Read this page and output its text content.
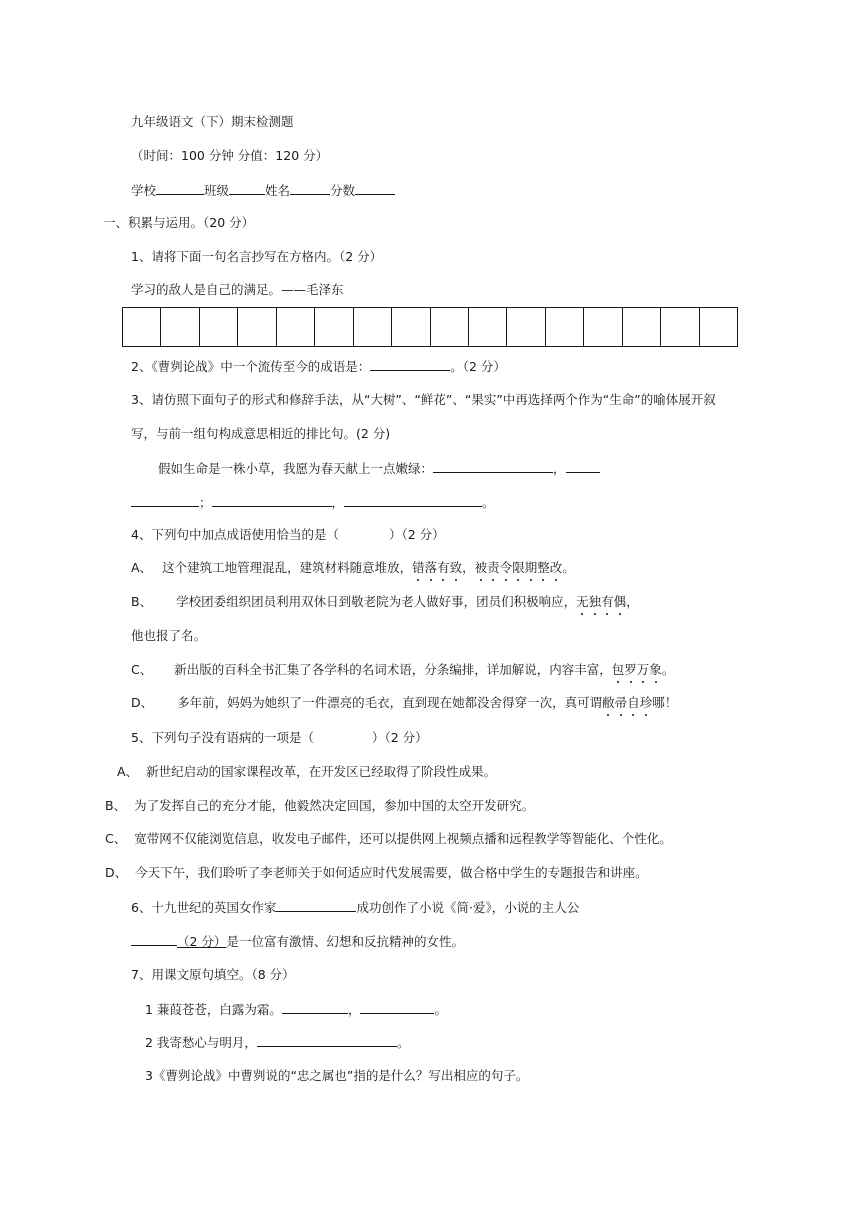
九年级语文（下）期末检测题
（时间：100 分钟 分值：120 分）
学校	班级	姓名	分数
一、积累与运用。（20 分）
1、请将下面一句名言抄写在方格内。（2 分）
学习的敌人是自己的满足。——毛泽东
2、《曹刿论战》中一个流传至今的成语是：	。（2 分）
3、请仿照下面句子的形式和修辞手法，从“大树”、“鲜花”、“果实”中再选择两个作为“生命”的喻体展开叙
写，与前一组句构成意思相近的排比句。(2 分)
假如生命是一株小草，我愿为春天献上一点嫩绿：	，
；	，	。
4、下列句中加点成语使用恰当的是（	）（2 分）
A、 这个建筑工地管理混乱，建筑材料随意堆放，错落有致，被责令限期整改。
B、 学校团委组织团员利用双休日到敬老院为老人做好事，团员们积极响应，无独有偶，
他也报了名。
C、 新出版的百科全书汇集了各学科的名词术语，分条编排，详加解说，内容丰富，包罗万象。
D、 多年前，妈妈为她织了一件漂亮的毛衣，直到现在她都没舍得穿一次，真可谓敝帚自珍哪！
5、下列句子没有语病的一项是（	）（2 分）
A、 新世纪启动的国家课程改革，在开发区已经取得了阶段性成果。
B、 为了发挥自己的充分才能，他毅然决定回国，参加中国的太空开发研究。
C、 宽带网不仅能浏览信息，收发电子邮件，还可以提供网上视频点播和远程教学等智能化、个性化。
D、 今天下午，我们聆听了李老师关于如何适应时代发展需要，做合格中学生的专题报告和讲座。
6、十九世纪的英国女作家	成功创作了小说《简·爱》，小说的主人公
（2 分）是一位富有激情、幻想和反抗精神的女性。
7、用课文原句填空。（8 分）
1 蒹葭苍苍，白露为霜。	，	。
2 我寄愁心与明月，	。
3《曹刿论战》中曹刿说的“忠之属也”指的是什么？写出相应的句子。
